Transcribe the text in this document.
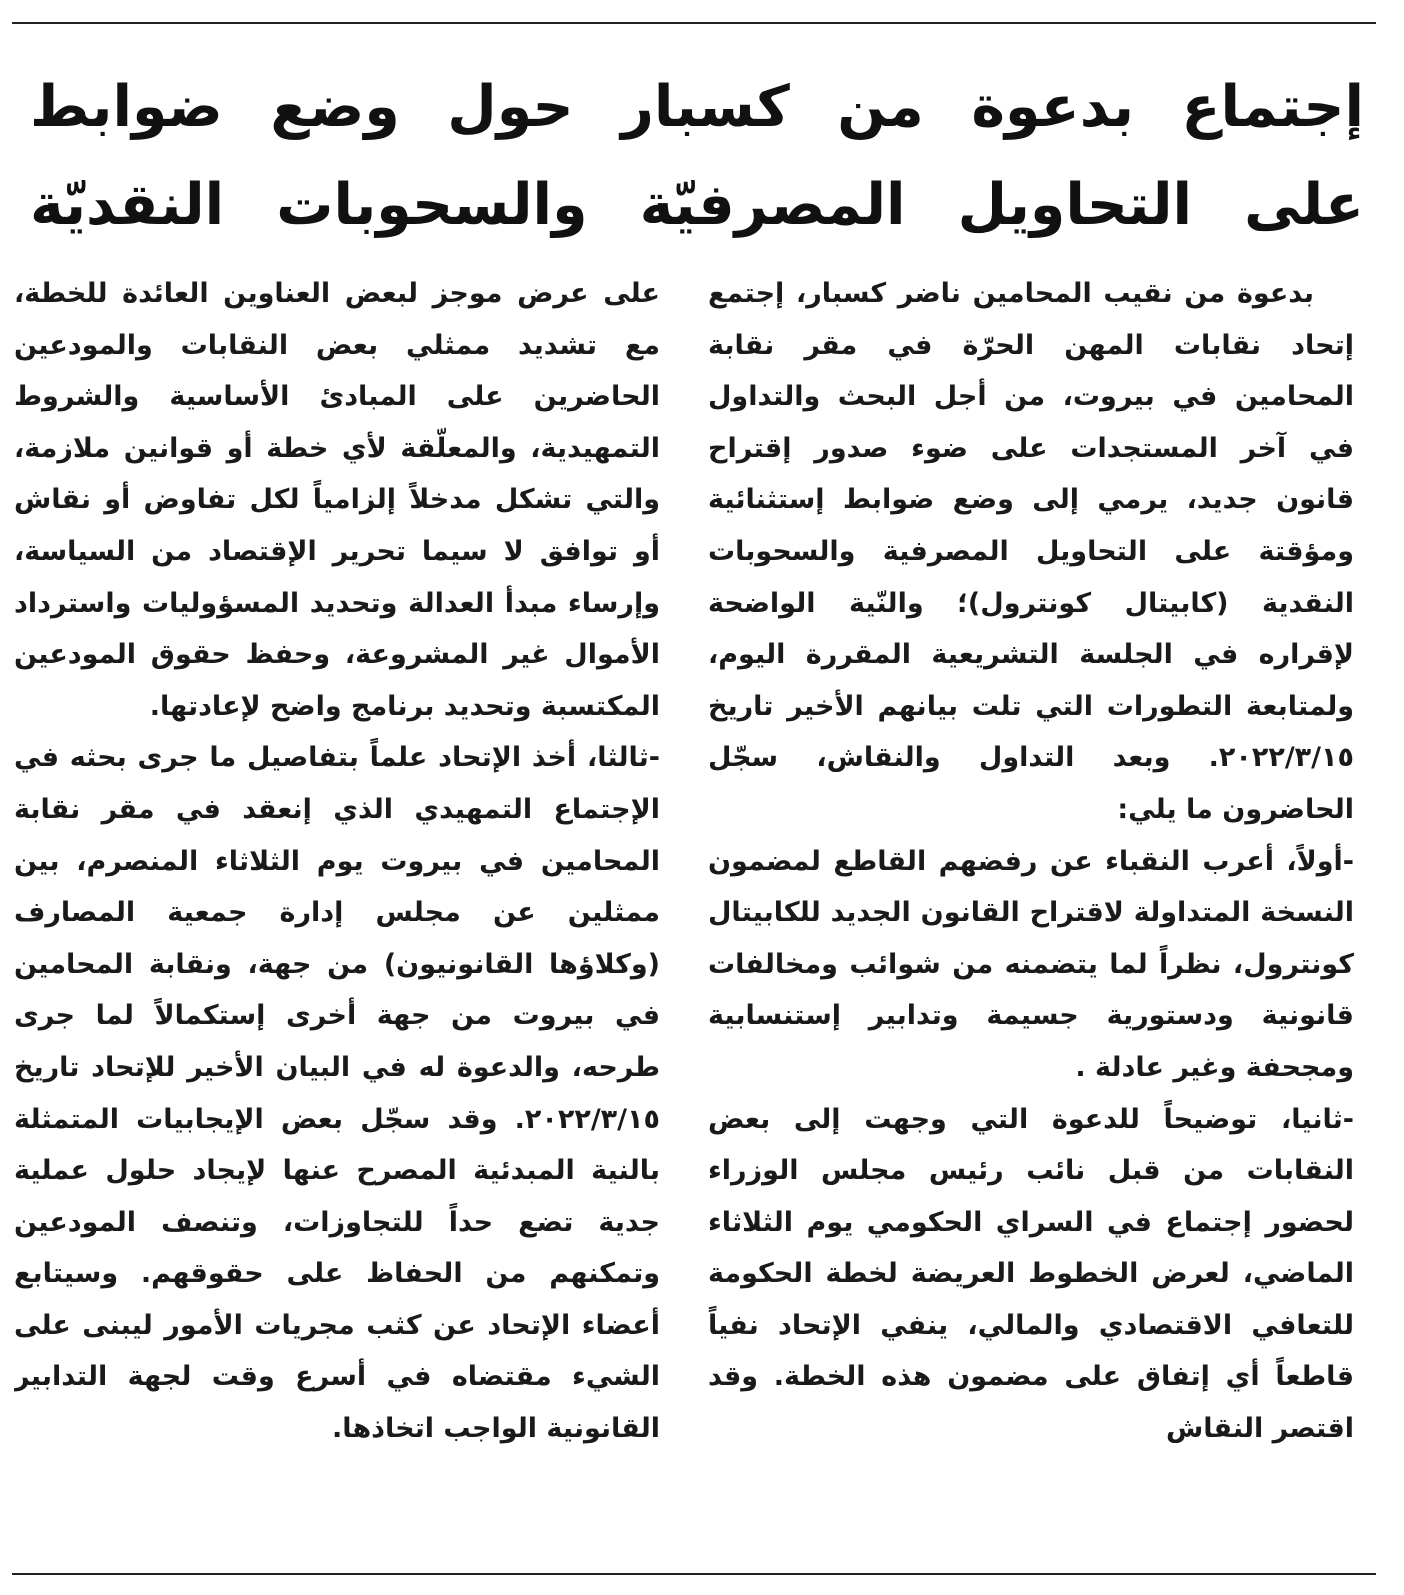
إجتماع بدعوة من كسبار حول وضع ضوابط
على التحاويل المصرفيّة والسحوبات النقديّة

بدعوة من نقيب المحامين ناضر كسبار، إجتمع إتحاد نقابات المهن الحرّة في مقر نقابة المحامين في بيروت، من أجل البحث والتداول في آخر المستجدات على ضوء صدور إقتراح قانون جديد، يرمي إلى وضع ضوابط إستثنائية ومؤقتة على التحاويل المصرفية والسحوبات النقدية (كابيتال كونترول)؛ والنّية الواضحة لإقراره في الجلسة التشريعية المقررة اليوم، ولمتابعة التطورات التي تلت بيانهم الأخير تاريخ ٢٠٢٢/٣/١٥. وبعد التداول والنقاش، سجّل الحاضرون ما يلي:

-أولاً، أعرب النقباء عن رفضهم القاطع لمضمون النسخة المتداولة لاقتراح القانون الجديد للكابيتال كونترول، نظراً لما يتضمنه من شوائب ومخالفات قانونية ودستورية جسيمة وتدابير إستنسابية ومجحفة وغير عادلة .

-ثانيا، توضيحاً للدعوة التي وجهت إلى بعض النقابات من قبل نائب رئيس مجلس الوزراء لحضور إجتماع في السراي الحكومي يوم الثلاثاء الماضي، لعرض الخطوط العريضة لخطة الحكومة للتعافي الاقتصادي والمالي، ينفي الإتحاد نفياً قاطعاً أي إتفاق على مضمون هذه الخطة. وقد اقتصر النقاش

على عرض موجز لبعض العناوين العائدة للخطة، مع تشديد ممثلي بعض النقابات والمودعين الحاضرين على المبادئ الأساسية والشروط التمهيدية، والمعلّقة لأي خطة أو قوانين ملازمة، والتي تشكل مدخلاً إلزامياً لكل تفاوض أو نقاش أو توافق لا سيما تحرير الإقتصاد من السياسة، وإرساء مبدأ العدالة وتحديد المسؤوليات واسترداد الأموال غير المشروعة، وحفظ حقوق المودعين المكتسبة وتحديد برنامج واضح لإعادتها.

-ثالثا، أخذ الإتحاد علماً بتفاصيل ما جرى بحثه في الإجتماع التمهيدي الذي إنعقد في مقر نقابة المحامين في بيروت يوم الثلاثاء المنصرم، بين ممثلين عن مجلس إدارة جمعية المصارف (وكلاؤها القانونيون) من جهة، ونقابة المحامين في بيروت من جهة أخرى إستكمالاً لما جرى طرحه، والدعوة له في البيان الأخير للإتحاد تاريخ ٢٠٢٢/٣/١٥. وقد سجّل بعض الإيجابيات المتمثلة بالنية المبدئية المصرح عنها لإيجاد حلول عملية جدية تضع حداً للتجاوزات، وتنصف المودعين وتمكنهم من الحفاظ على حقوقهم. وسيتابع أعضاء الإتحاد عن كثب مجريات الأمور ليبنى على الشيء مقتضاه في أسرع وقت لجهة التدابير القانونية الواجب اتخاذها.
